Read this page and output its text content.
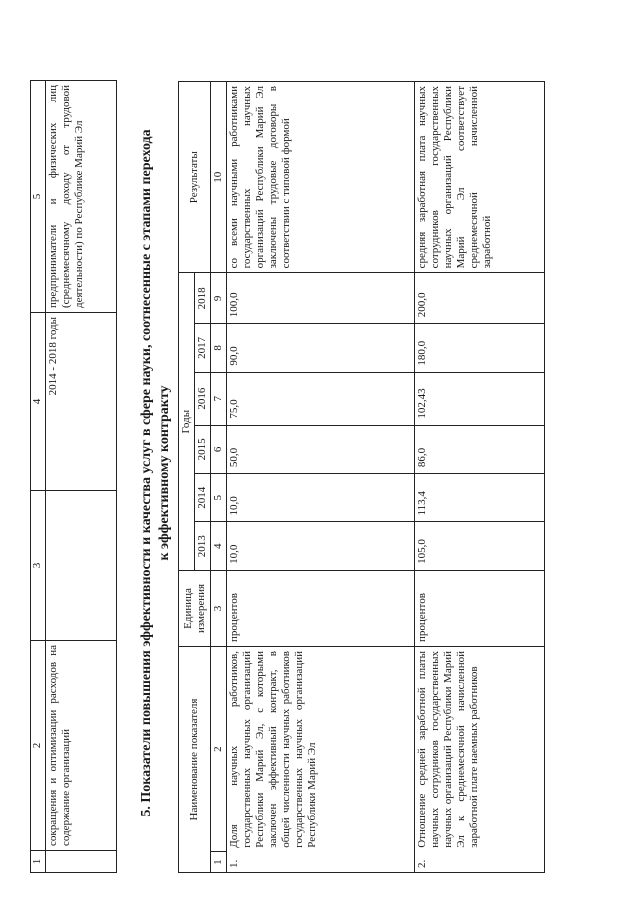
1	2	3	4	5
	сокращения и оптимизации расходов на содержание организаций		2014 - 2018 годы	предприниматели и физических лиц (среднемесячному доходу от трудовой деятельности) по Республике Марий Эл	5. Показатели повышения эффективности и качества услуг в сфере науки, соотнесенные с этапами перехода к эффективному контракту
Наименование показателя		Единица измерения	Годы						Результаты
			2013	2014	2015	2016	2017	2018	
1	2	3	4	5	6	7	8	9	10
1.	Доля научных работников, государственных научных организаций Республики Марий Эл, с которыми заключен эффективный контракт, в общей численности научных работников государственных научных организаций Республики Марий Эл	процентов	10,0	10,0	50,0	75,0	90,0	100,0	со всеми научными работниками государственных научных организаций Республики Марий Эл заключены трудовые договоры в соответствии с типовой формой
2.	Отношение средней заработной платы научных сотрудников государственных научных организаций Республики Марий Эл к среднемесячной начисленной заработной плате наемных работников	процентов	105,0	113,4	86,0	102,43	180,0	200,0	средняя заработная плата научных сотрудников государственных научных организаций Республики Марий Эл соответствует среднемесячной начисленной заработной
